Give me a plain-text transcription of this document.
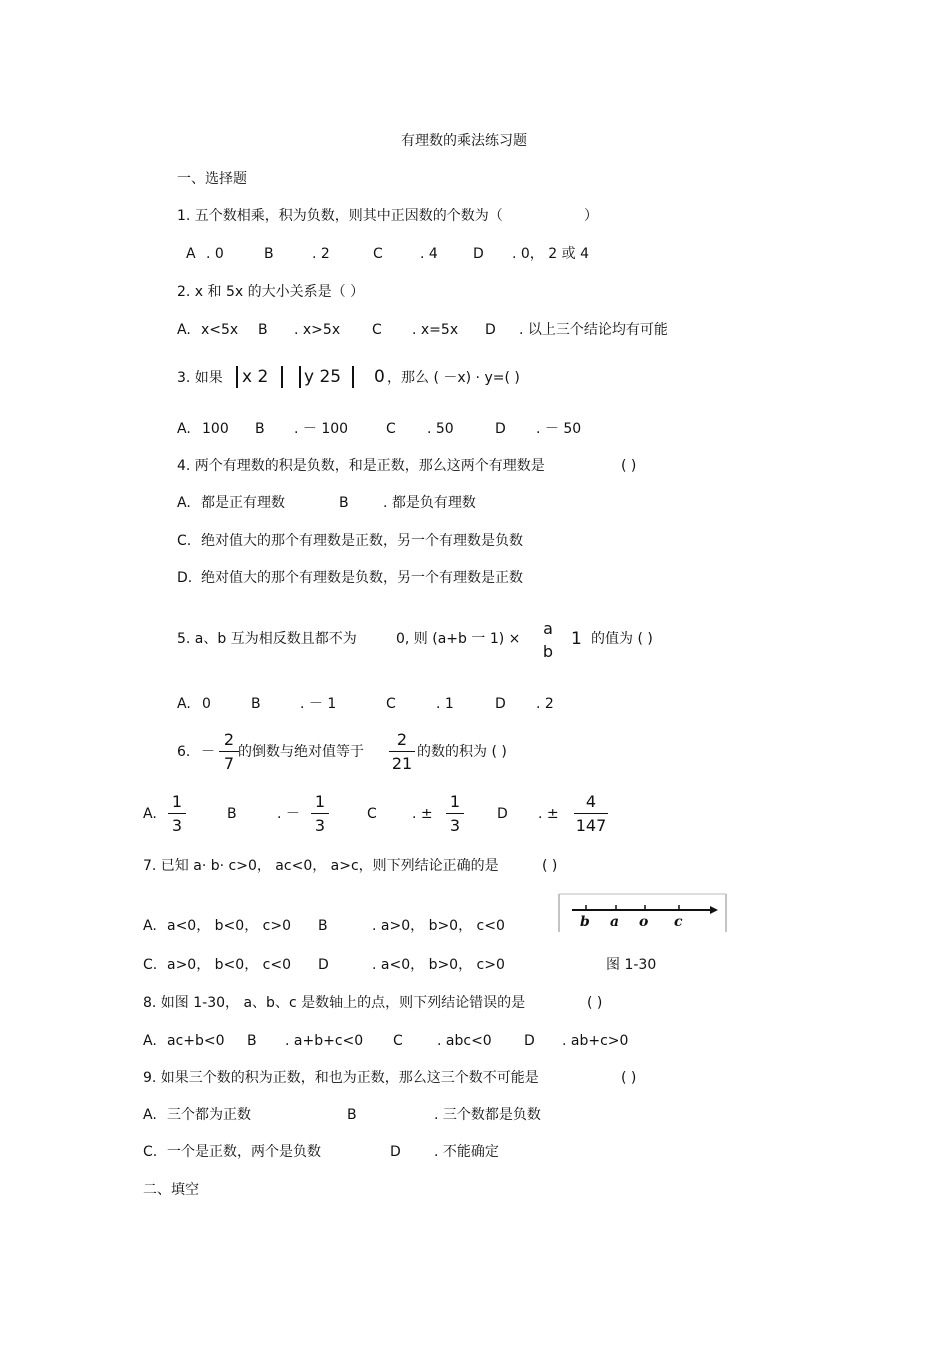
有理数的乘法练习题
一、选择题
1. 五个数相乘，积为负数，则其中正因数的个数为（	）
A . 0	B	. 2	C	. 4	D . 0， 2 或 4
2. x 和 5x 的大小关系是（ ）
A. x<5x B . x>5x C . x=5x D . 以上三个结论均有可能
3. 如果 x 2 y 25 0 ，那么 ( －x) · y=( )
A. 100 B . － 100	C . 50	D . － 50
4. 两个有理数的积是负数，和是正数，那么这两个有理数是	( )
A. 都是正有理数	B . 都是负有理数
C. 绝对值大的那个有理数是正数，另一个有理数是负数
D. 绝对值大的那个有理数是负数，另一个有理数是正数
5. a、b 互为相反数且都不为	0, 则 (a+b 一 1) ×
a
b
1 的值为 ( )
A. 0	B	. － 1	C	. 1	D . 2
6. － $\frac{2}{7}$ 的倒数与绝对值等于 $\frac{2}{21}$ 的数的积为 ( )
A. $\frac{1}{3}$	B	. － $\frac{1}{3}$	C	. ± $\frac{1}{3}$ D . ± $\frac{4}{147}$
7. 已知 a· b· c>0， ac<0， a>c，则下列结论正确的是	( )
A. a<0， b<0， c>0 B	. a>0， b>0， c<0
C. a>0， b<0， c<0 D	. a<0， b>0， c>0
b a o c
图 1-30
8. 如图 1-30， a、b、c 是数轴上的点，则下列结论错误的是	( )
A. ac+b<0 B . a+b+c<0 C . abc<0 D . ab+c>0
9. 如果三个数的积为正数，和也为正数，那么这三个数不可能是	( )
A. 三个都为正数	B	. 三个数都是负数
C. 一个是正数，两个是负数	D . 不能确定
二、填空
